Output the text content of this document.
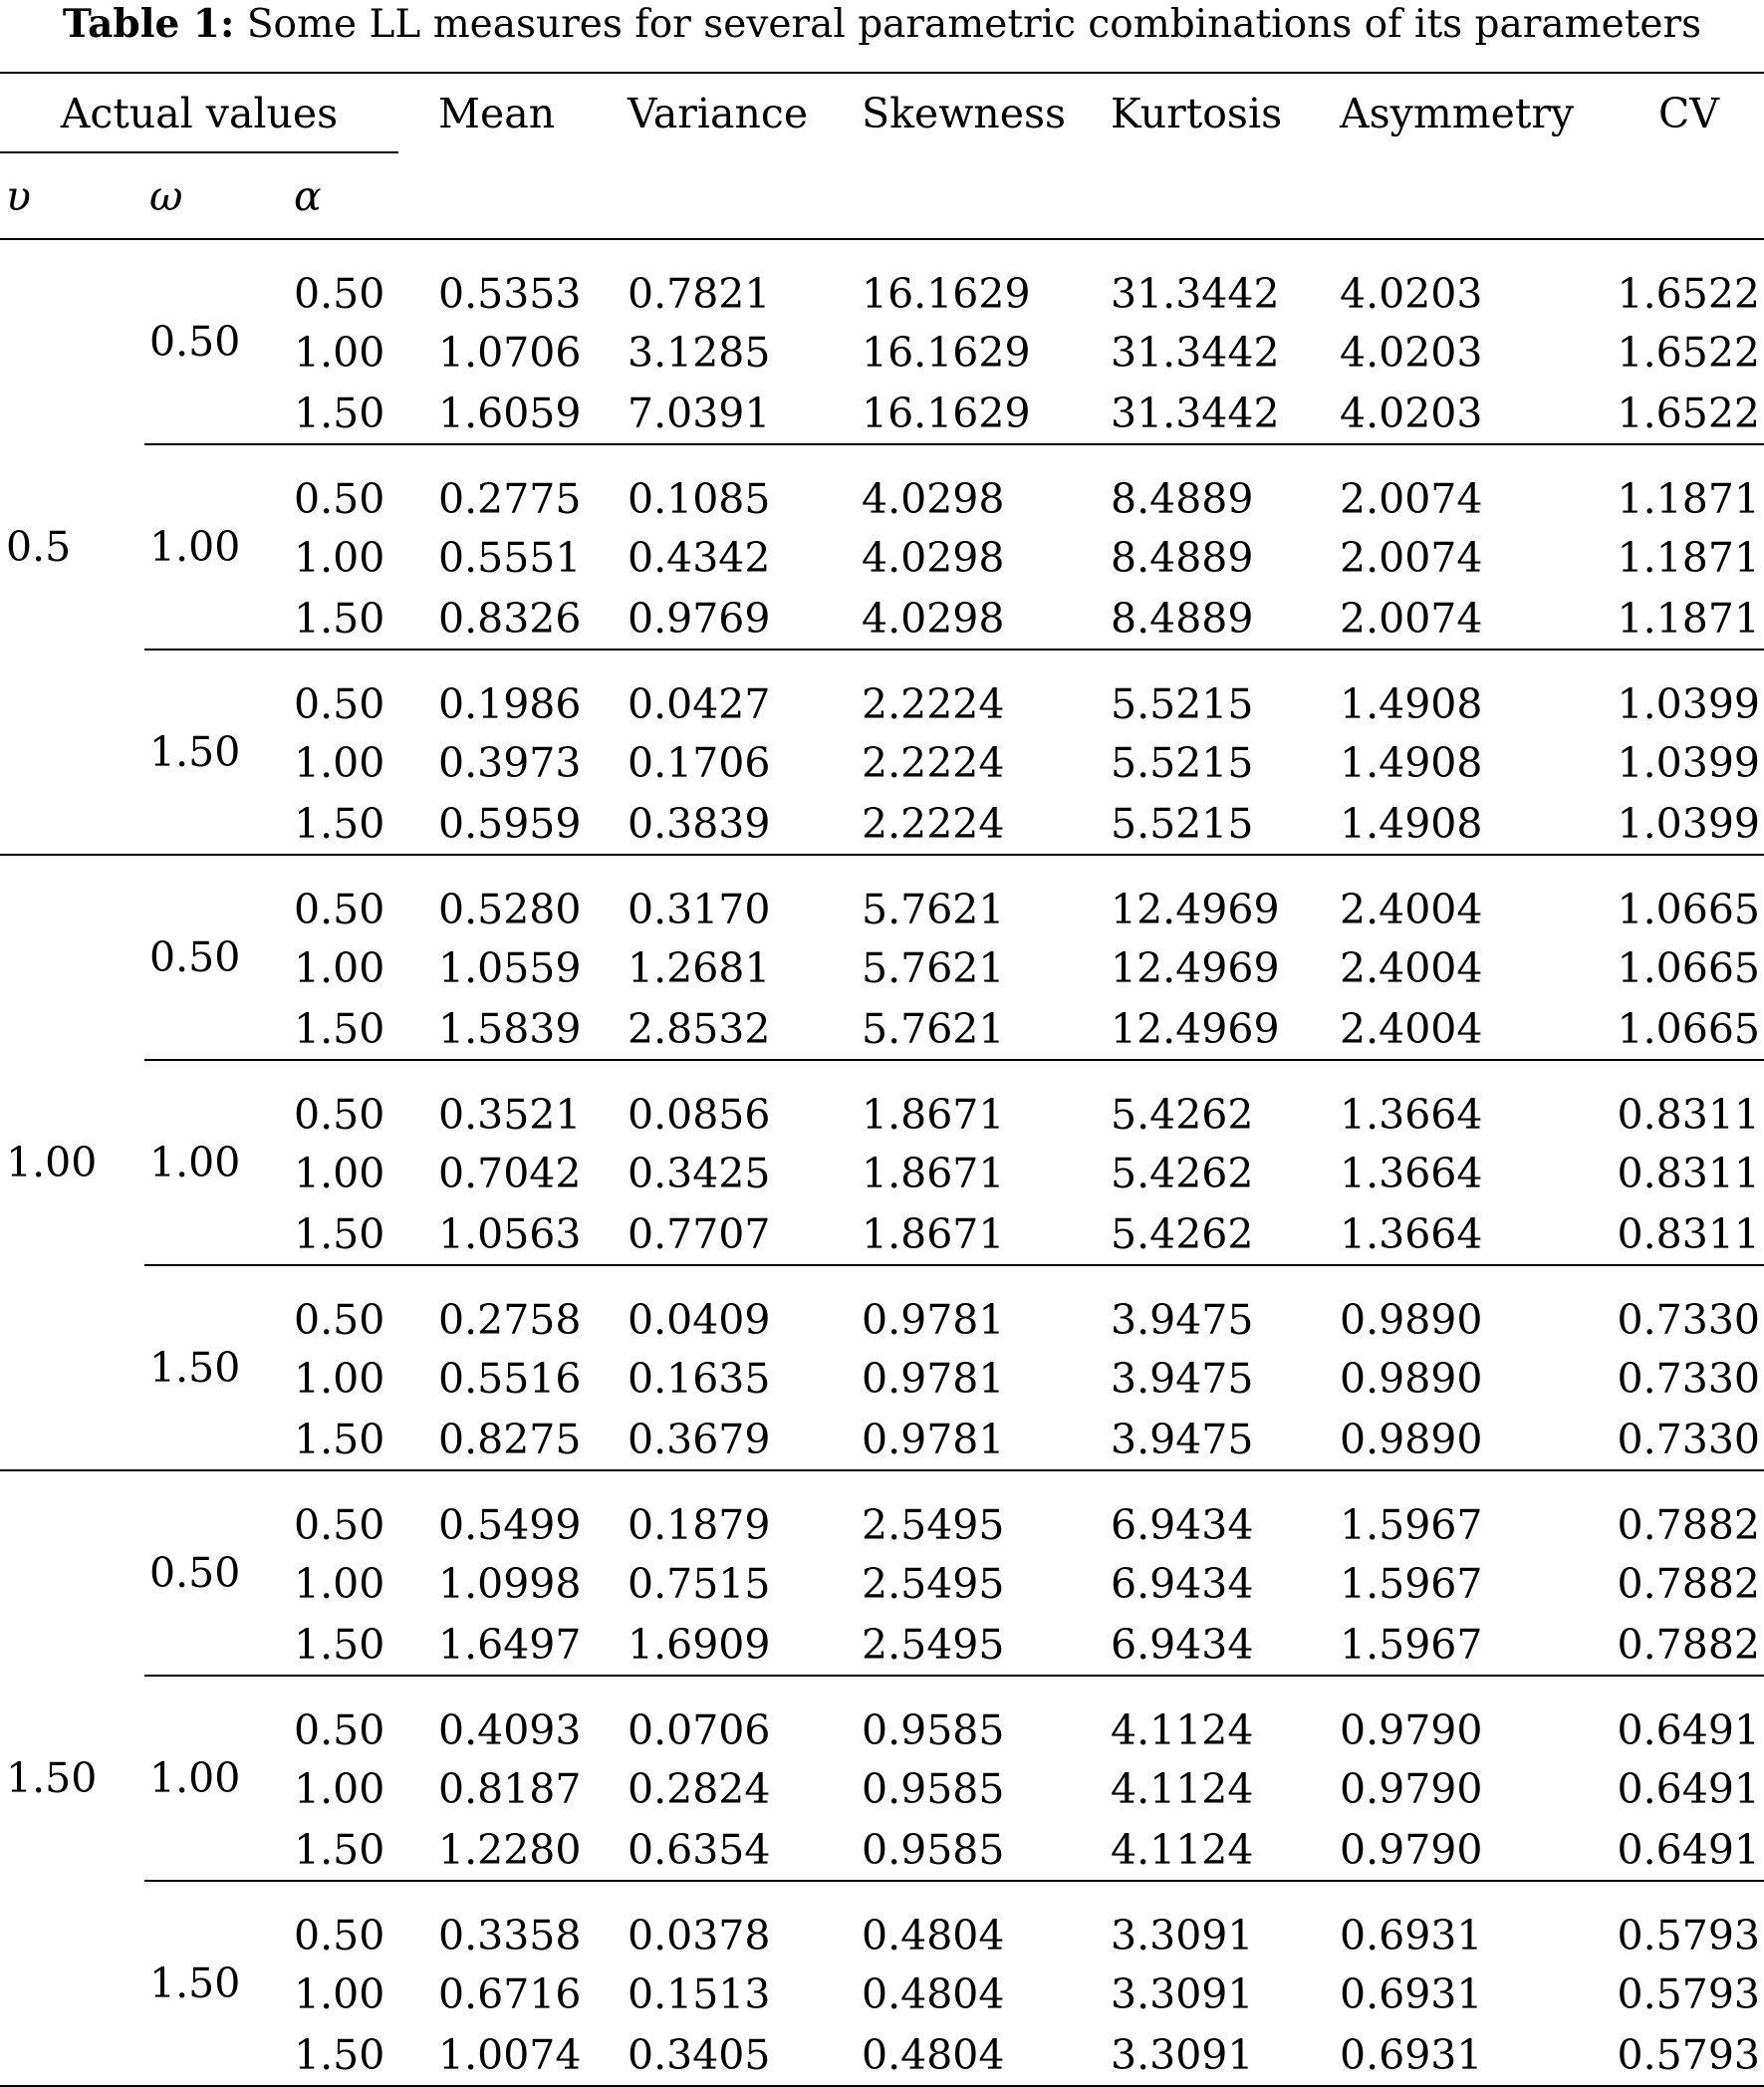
Table 1: Some LL measures for several parametric combinations of its parameters
Actual values			Mean	Variance	Skewness	Kurtosis	Asymmetry	CV
υ	ω	α						
0.5	0.50	0.50	0.5353	0.7821	16.1629	31.3442	4.0203	1.6522
		1.00	1.0706	3.1285	16.1629	31.3442	4.0203	1.6522
		1.50	1.6059	7.0391	16.1629	31.3442	4.0203	1.6522
	1.00	0.50	0.2775	0.1085	4.0298	8.4889	2.0074	1.1871
		1.00	0.5551	0.4342	4.0298	8.4889	2.0074	1.1871
		1.50	0.8326	0.9769	4.0298	8.4889	2.0074	1.1871
	1.50	0.50	0.1986	0.0427	2.2224	5.5215	1.4908	1.0399
		1.00	0.3973	0.1706	2.2224	5.5215	1.4908	1.0399
		1.50	0.5959	0.3839	2.2224	5.5215	1.4908	1.0399
1.00	0.50	0.50	0.5280	0.3170	5.7621	12.4969	2.4004	1.0665
		1.00	1.0559	1.2681	5.7621	12.4969	2.4004	1.0665
		1.50	1.5839	2.8532	5.7621	12.4969	2.4004	1.0665
	1.00	0.50	0.3521	0.0856	1.8671	5.4262	1.3664	0.8311
		1.00	0.7042	0.3425	1.8671	5.4262	1.3664	0.8311
		1.50	1.0563	0.7707	1.8671	5.4262	1.3664	0.8311
	1.50	0.50	0.2758	0.0409	0.9781	3.9475	0.9890	0.7330
		1.00	0.5516	0.1635	0.9781	3.9475	0.9890	0.7330
		1.50	0.8275	0.3679	0.9781	3.9475	0.9890	0.7330
1.50	0.50	0.50	0.5499	0.1879	2.5495	6.9434	1.5967	0.7882
		1.00	1.0998	0.7515	2.5495	6.9434	1.5967	0.7882
		1.50	1.6497	1.6909	2.5495	6.9434	1.5967	0.7882
	1.00	0.50	0.4093	0.0706	0.9585	4.1124	0.9790	0.6491
		1.00	0.8187	0.2824	0.9585	4.1124	0.9790	0.6491
		1.50	1.2280	0.6354	0.9585	4.1124	0.9790	0.6491
	1.50	0.50	0.3358	0.0378	0.4804	3.3091	0.6931	0.5793
		1.00	0.6716	0.1513	0.4804	3.3091	0.6931	0.5793
		1.50	1.0074	0.3405	0.4804	3.3091	0.6931	0.5793
